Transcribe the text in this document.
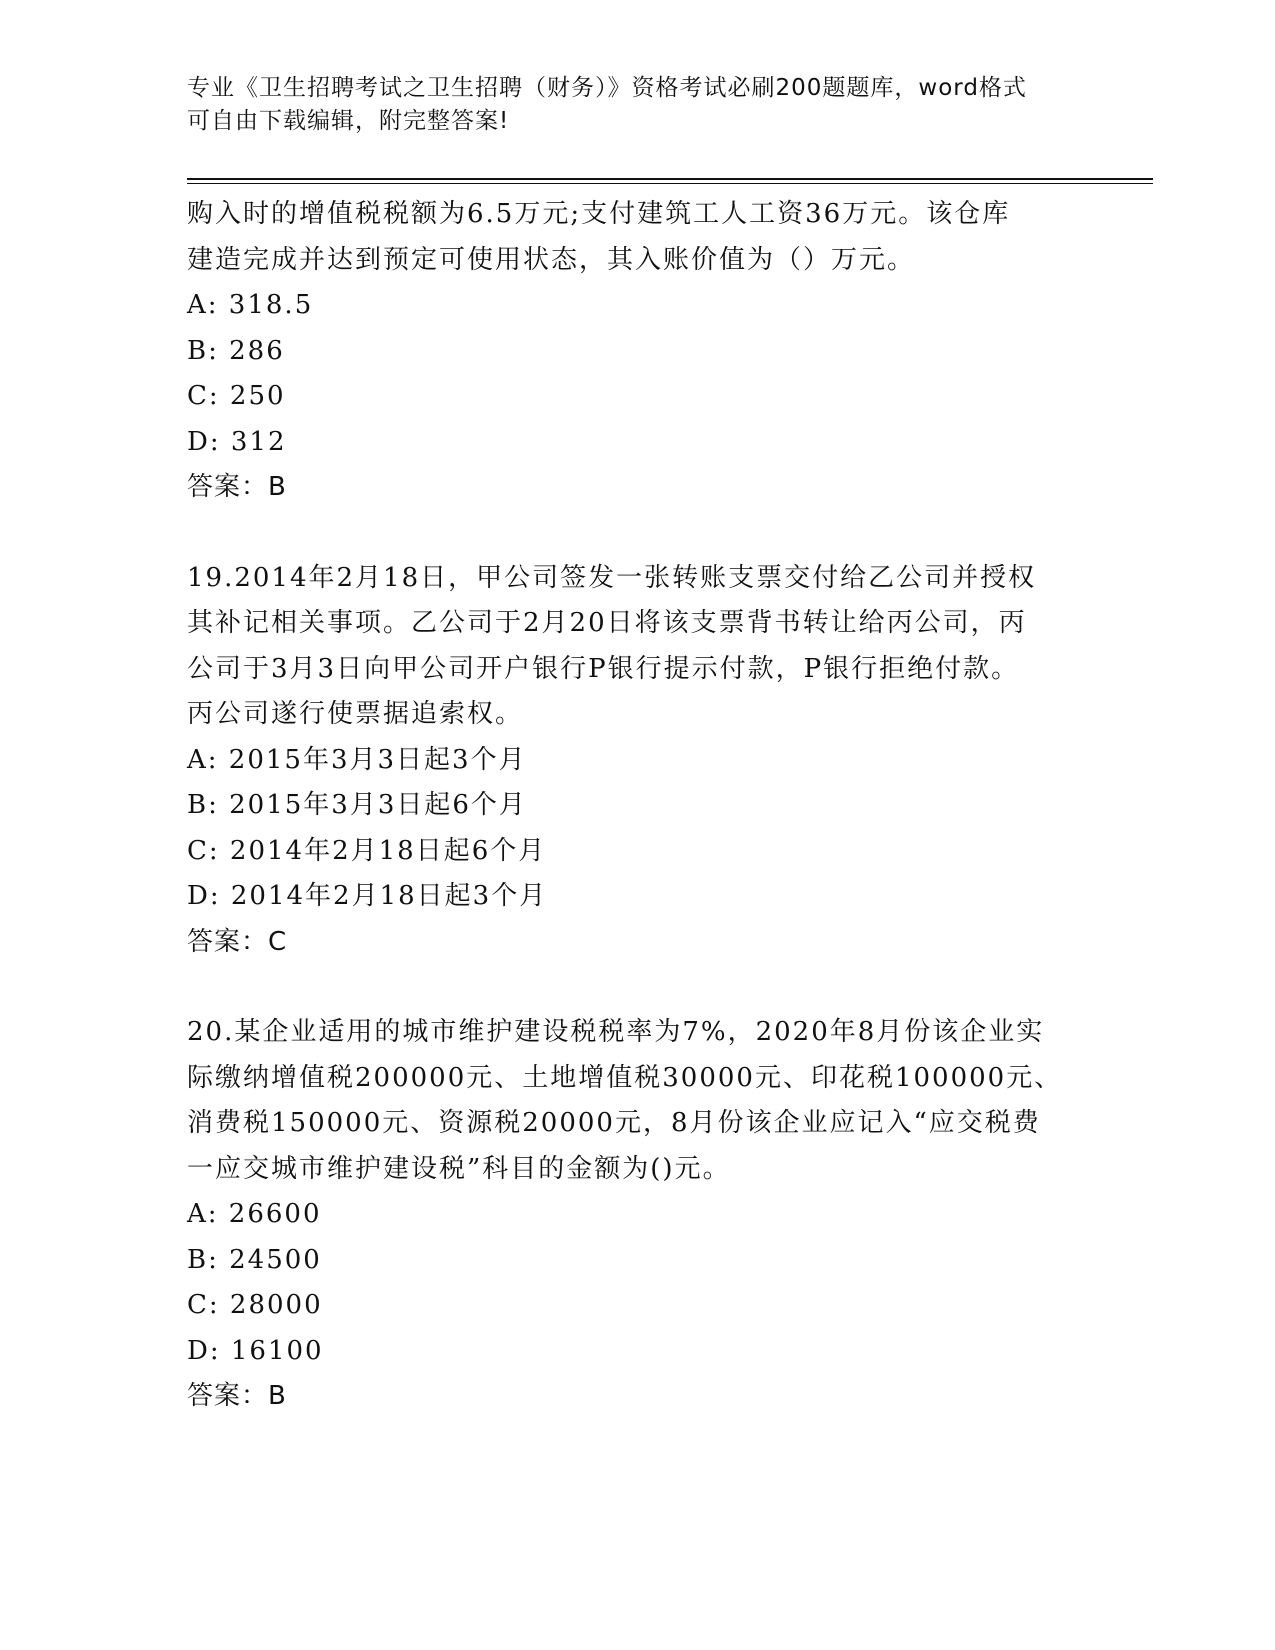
专业《卫生招聘考试之卫生招聘（财务）》资格考试必刷200题题库，word格式
可自由下载编辑，附完整答案!
购入时的增值税税额为6.5万元;支付建筑工人工资36万元。该仓库
建造完成并达到预定可使用状态，其入账价值为（）万元。
A: 318.5
B: 286
C: 250
D: 312
答案：B
19.2014年2月18日，甲公司签发一张转账支票交付给乙公司并授权
其补记相关事项。乙公司于2月20日将该支票背书转让给丙公司，丙
公司于3月3日向甲公司开户银行P银行提示付款，P银行拒绝付款。
丙公司遂行使票据追索权。
A: 2015年3月3日起3个月
B: 2015年3月3日起6个月
C: 2014年2月18日起6个月
D: 2014年2月18日起3个月
答案：C
20.某企业适用的城市维护建设税税率为7%，2020年8月份该企业实
际缴纳增值税200000元、土地增值税30000元、印花税100000元、
消费税150000元、资源税20000元，8月份该企业应记入“应交税费
一应交城市维护建设税”科目的金额为()元。
A: 26600
B: 24500
C: 28000
D: 16100
答案：B
